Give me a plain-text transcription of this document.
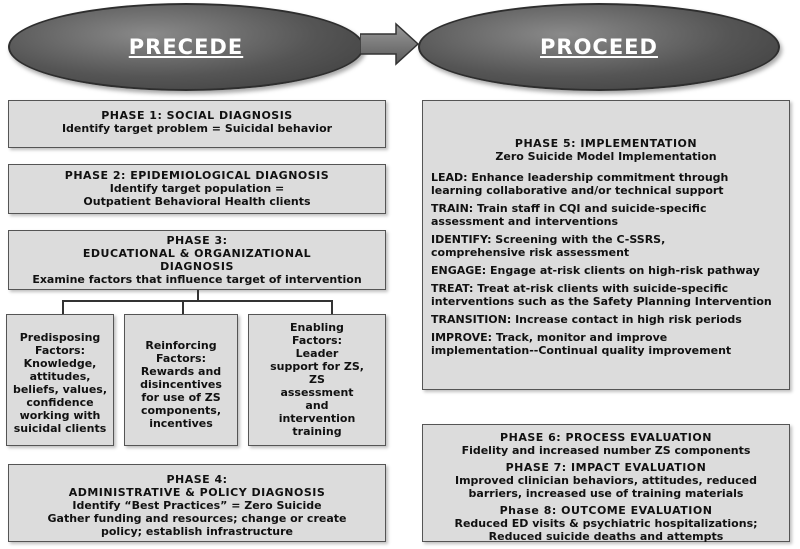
PRECEDE	PROCEED
PHASE 1: SOCIAL DIAGNOSIS
Identify target problem = Suicidal behavior
PHASE 2: EPIDEMIOLOGICAL DIAGNOSIS
Identify target population =
Outpatient Behavioral Health clients
PHASE 3:
EDUCATIONAL & ORGANIZATIONAL
DIAGNOSIS
Examine factors that influence target of intervention
Predisposing
Factors:
Knowledge,
attitudes,
beliefs, values,
confidence
working with
suicidal clients
Reinforcing
Factors:
Rewards and
disincentives
for use of ZS
components,
incentives
Enabling
Factors:
Leader
support for ZS,
ZS
assessment
and
intervention
training
PHASE 4:
ADMINISTRATIVE & POLICY DIAGNOSIS
Identify “Best Practices” = Zero Suicide
Gather funding and resources; change or create
policy; establish infrastructure
PHASE 5: IMPLEMENTATION
Zero Suicide Model Implementation
LEAD: Enhance leadership commitment through
learning collaborative and/or technical support
TRAIN: Train staff in CQI and suicide-specific
assessment and interventions
IDENTIFY: Screening with the C-SSRS,
comprehensive risk assessment
ENGAGE: Engage at-risk clients on high-risk pathway
TREAT: Treat at-risk clients with suicide-specific
interventions such as the Safety Planning Intervention
TRANSITION: Increase contact in high risk periods
IMPROVE: Track, monitor and improve
implementation--Continual quality improvement
PHASE 6: PROCESS EVALUATION
Fidelity and increased number ZS components
PHASE 7: IMPACT EVALUATION
Improved clinician behaviors, attitudes, reduced
barriers, increased use of training materials
Phase 8: OUTCOME EVALUATION
Reduced ED visits & psychiatric hospitalizations;
Reduced suicide deaths and attempts
